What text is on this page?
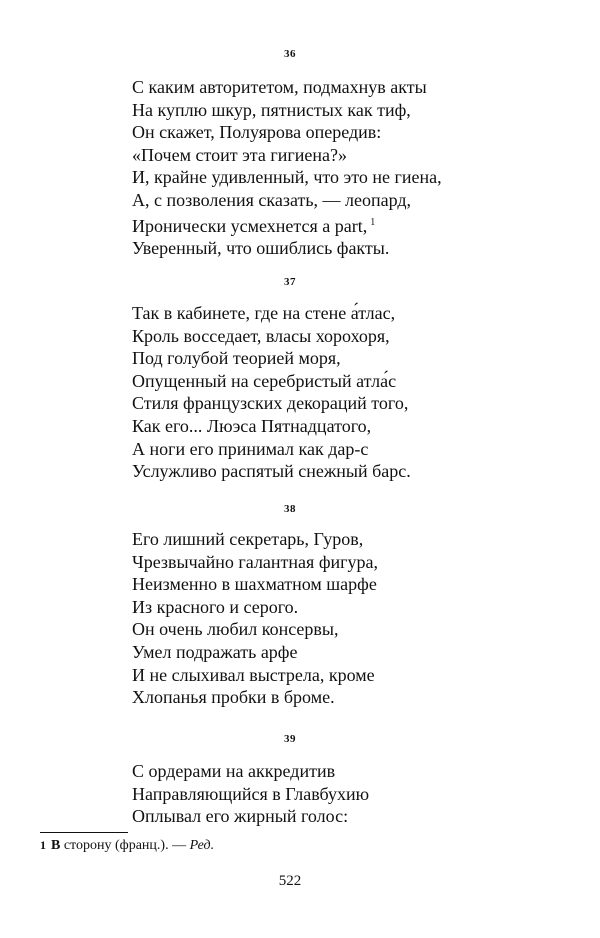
36
С каким авторитетом, подмахнув акты
На куплю шкур, пятнистых как тиф,
Он скажет, Полуярова опередив:
«Почем стоит эта гигиена?»
И, крайне удивленный, что это не гиена,
А, с позволения сказать, — леопард,
Иронически усмехнется а part, $^1$
Уверенный, что ошиблись факты.
37
Так в кабинете, где на стене а́тлас,
Кроль восседает, власы хорохоря,
Под голубой теорией моря,
Опущенный на серебристый атла́с
Стиля французских декораций того,
Как его... Люэса Пятнадцатого,
А ноги его принимал как дар-с
Услужливо распятый снежный барс.
38
Его лишний секретарь, Гуров,
Чрезвычайно галантная фигура,
Неизменно в шахматном шарфе
Из красного и серого.
Он очень любил консервы,
Умел подражать арфе
И не слыхивал выстрела, кроме
Хлопанья пробки в броме.
39
С ордерами на аккредитив
Направляющийся в Главбухию
Оплывал его жирный голос:
1 В сторону (франц.). — Ред.
522
